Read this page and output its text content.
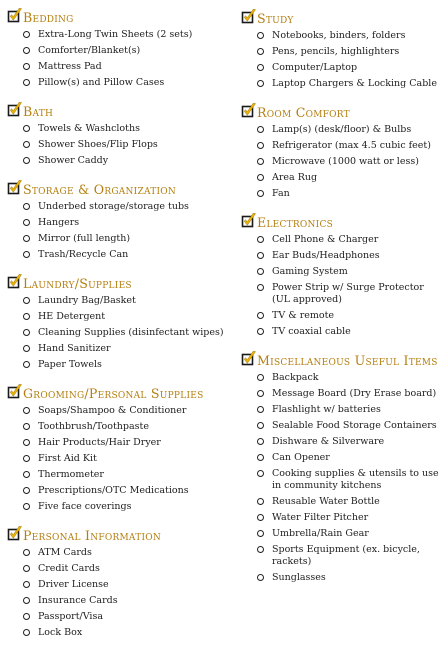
Bedding
Extra-Long Twin Sheets (2 sets)
Comforter/Blanket(s)
Mattress Pad
Pillow(s) and Pillow Cases
Bath
Towels & Washcloths
Shower Shoes/Flip Flops
Shower Caddy
Storage & Organization
Underbed storage/storage tubs
Hangers
Mirror (full length)
Trash/Recycle Can
Laundry/Supplies
Laundry Bag/Basket
HE Detergent
Cleaning Supplies (disinfectant wipes)
Hand Sanitizer
Paper Towels
Grooming/Personal Supplies
Soaps/Shampoo & Conditioner
Toothbrush/Toothpaste
Hair Products/Hair Dryer
First Aid Kit
Thermometer
Prescriptions/OTC Medications
Five face coverings
Personal Information
ATM Cards
Credit Cards
Driver License
Insurance Cards
Passport/Visa
Lock Box
Study
Notebooks, binders, folders
Pens, pencils, highlighters
Computer/Laptop
Laptop Chargers & Locking Cable
Room Comfort
Lamp(s) (desk/floor) & Bulbs
Refrigerator (max 4.5 cubic feet)
Microwave (1000 watt or less)
Area Rug
Fan
Electronics
Cell Phone & Charger
Ear Buds/Headphones
Gaming System
Power Strip w/ Surge Protector (UL approved)
TV & remote
TV coaxial cable
Miscellaneous Useful Items
Backpack
Message Board (Dry Erase board)
Flashlight w/ batteries
Sealable Food Storage Containers
Dishware & Silverware
Can Opener
Cooking supplies & utensils to use in community kitchens
Reusable Water Bottle
Water Filter Pitcher
Umbrella/Rain Gear
Sports Equipment (ex. bicycle, rackets)
Sunglasses
